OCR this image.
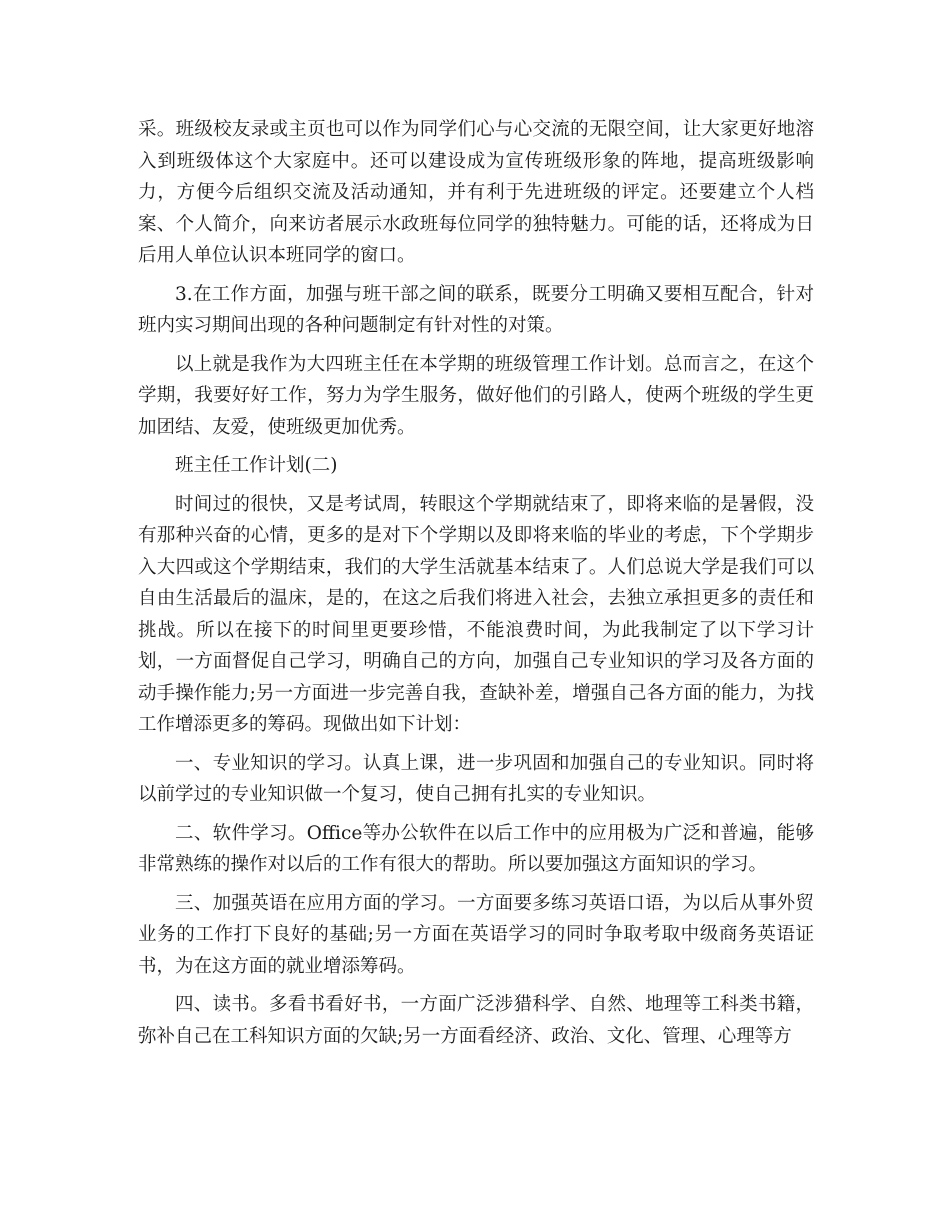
采。班级校友录或主页也可以作为同学们心与心交流的无限空间，让大家更好地溶入到班级体这个大家庭中。还可以建设成为宣传班级形象的阵地，提高班级影响力，方便今后组织交流及活动通知，并有利于先进班级的评定。还要建立个人档案、个人简介，向来访者展示水政班每位同学的独特魅力。可能的话，还将成为日后用人单位认识本班同学的窗口。

3.在工作方面，加强与班干部之间的联系，既要分工明确又要相互配合，针对班内实习期间出现的各种问题制定有针对性的对策。

以上就是我作为大四班主任在本学期的班级管理工作计划。总而言之，在这个学期，我要好好工作，努力为学生服务，做好他们的引路人，使两个班级的学生更加团结、友爱，使班级更加优秀。

班主任工作计划(二)

时间过的很快，又是考试周，转眼这个学期就结束了，即将来临的是暑假，没有那种兴奋的心情，更多的是对下个学期以及即将来临的毕业的考虑，下个学期步入大四或这个学期结束，我们的大学生活就基本结束了。人们总说大学是我们可以自由生活最后的温床，是的，在这之后我们将进入社会，去独立承担更多的责任和挑战。所以在接下的时间里更要珍惜，不能浪费时间，为此我制定了以下学习计划，一方面督促自己学习，明确自己的方向，加强自己专业知识的学习及各方面的动手操作能力;另一方面进一步完善自我，查缺补差，增强自己各方面的能力，为找工作增添更多的筹码。现做出如下计划：

一、专业知识的学习。认真上课，进一步巩固和加强自己的专业知识。同时将以前学过的专业知识做一个复习，使自己拥有扎实的专业知识。

二、软件学习。Office等办公软件在以后工作中的应用极为广泛和普遍，能够非常熟练的操作对以后的工作有很大的帮助。所以要加强这方面知识的学习。

三、加强英语在应用方面的学习。一方面要多练习英语口语，为以后从事外贸业务的工作打下良好的基础;另一方面在英语学习的同时争取考取中级商务英语证书，为在这方面的就业增添筹码。

四、读书。多看书看好书，一方面广泛涉猎科学、自然、地理等工科类书籍，弥补自己在工科知识方面的欠缺;另一方面看经济、政治、文化、管理、心理等方
